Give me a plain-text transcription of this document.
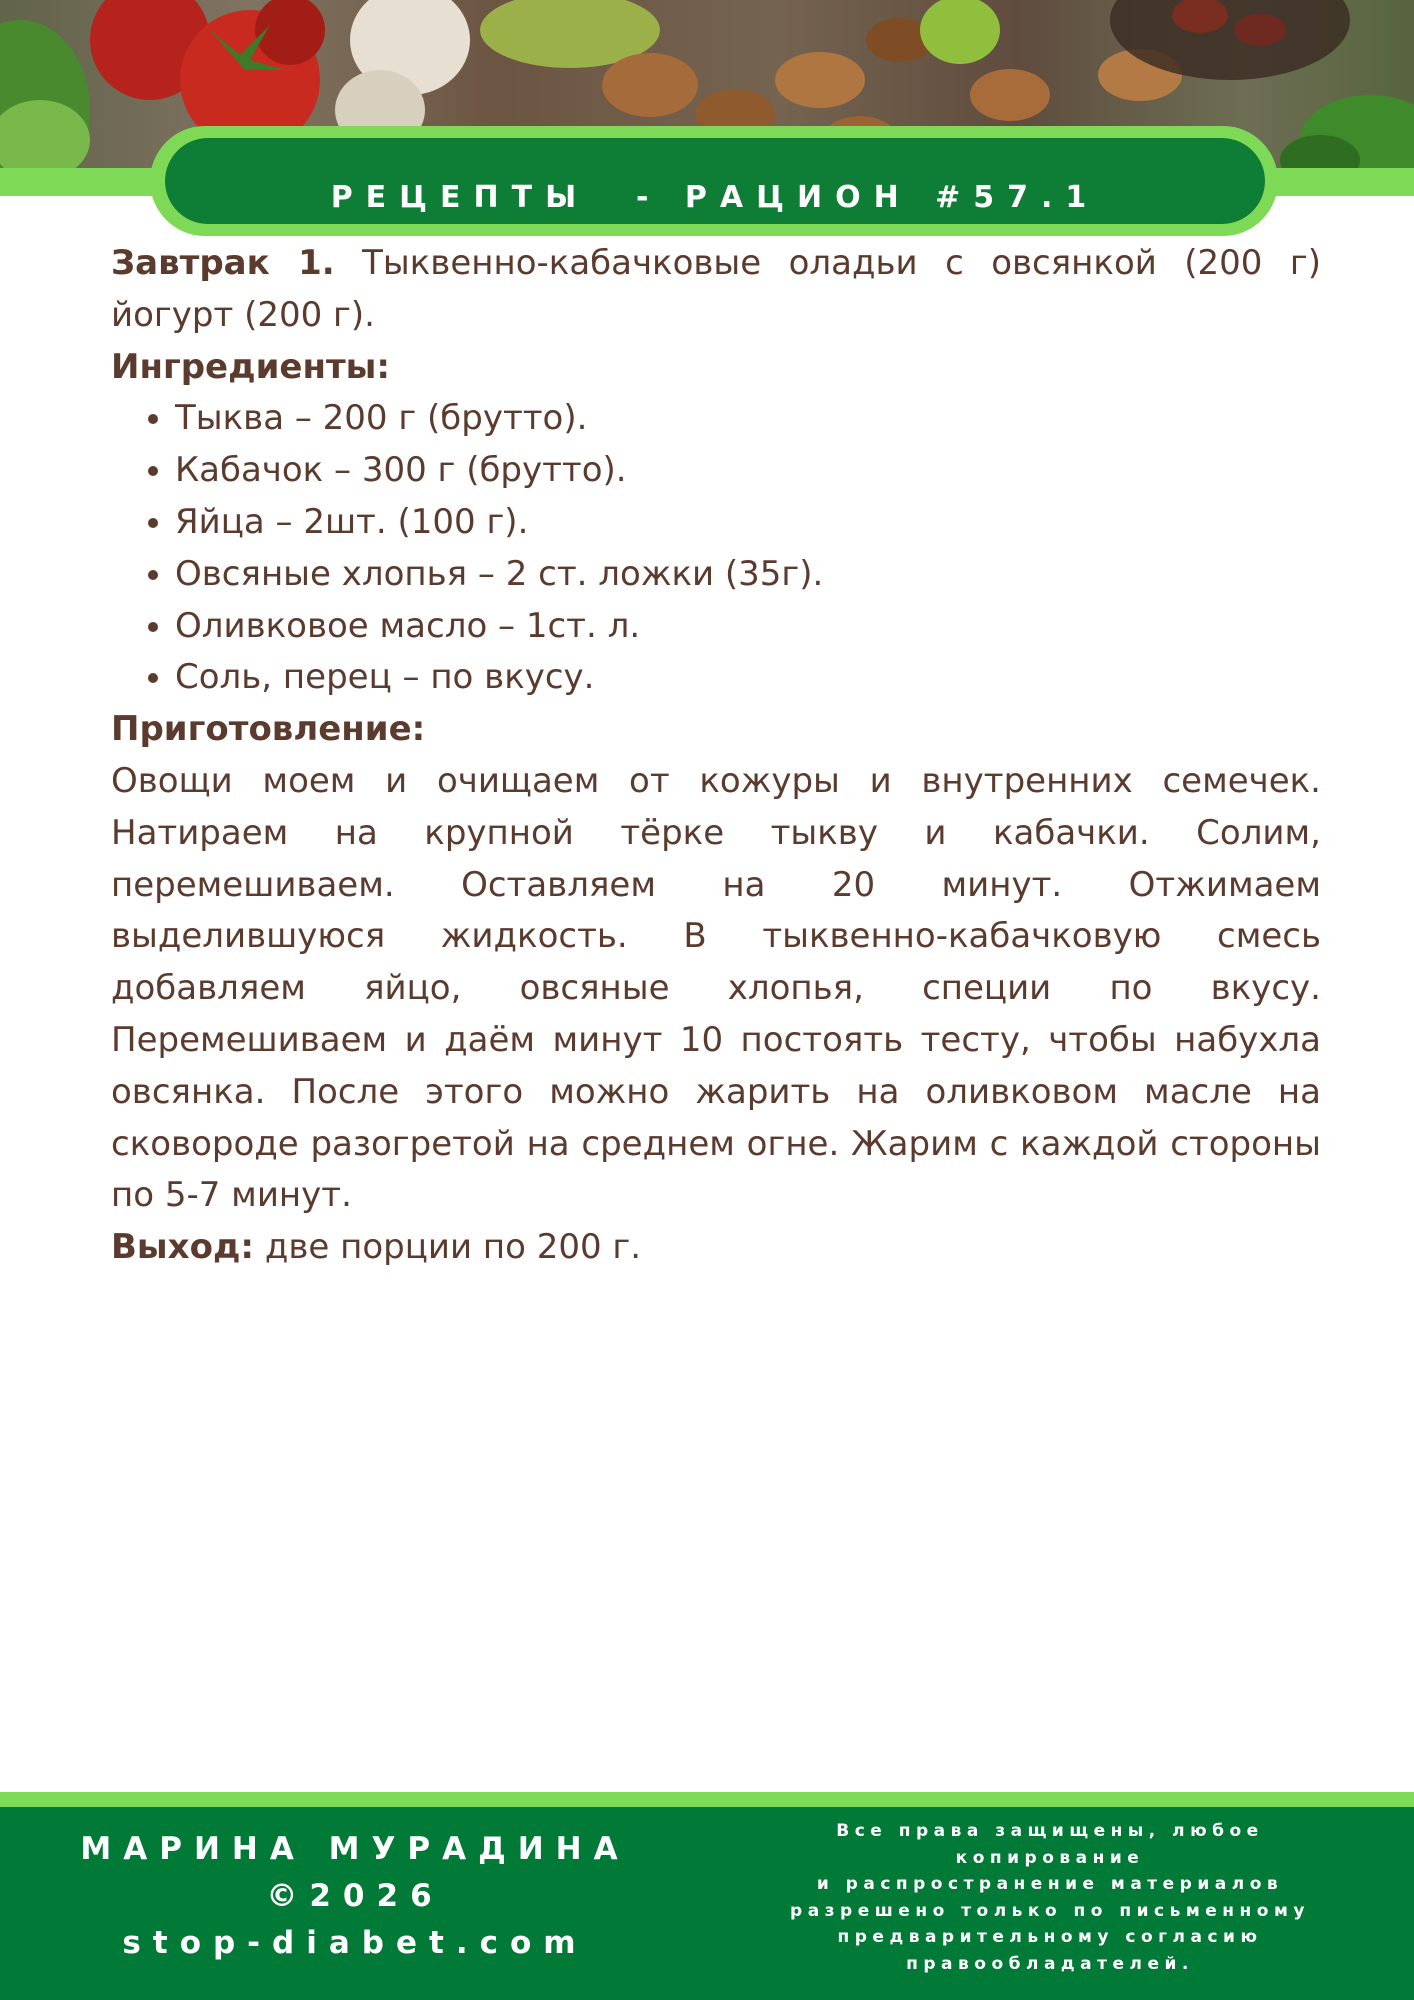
РЕЦЕПТЫ  - РАЦИОН #57.1

Завтрак 1. Тыквенно-кабачковые оладьи с овсянкой (200 г) йогурт (200 г).

Ингредиенты:
• Тыква – 200 г (брутто).
• Кабачок – 300 г (брутто).
• Яйца – 2шт. (100 г).
• Овсяные хлопья – 2 ст. ложки (35г).
• Оливковое масло – 1ст. л.
• Соль, перец – по вкусу.
Приготовление:

Овощи моем и очищаем от кожуры и внутренних семечек. Натираем на крупной тёрке тыкву и кабачки. Солим, перемешиваем. Оставляем на 20 минут. Отжимаем выделившуюся жидкость. В тыквенно-кабачковую смесь добавляем яйцо, овсяные хлопья, специи по вкусу. Перемешиваем и даём минут 10 постоять тесту, чтобы набухла овсянка. После этого можно жарить на оливковом масле на сковороде разогретой на среднем огне. Жарим с каждой стороны по 5-7 минут.

Выход: две порции по 200 г.

МАРИНА МУРАДИНА
©2026
stop-diabet.com
Все права защищены, любое
копирование
и распространение материалов
разрешено только по письменному
предварительному согласию
правообладателей.
